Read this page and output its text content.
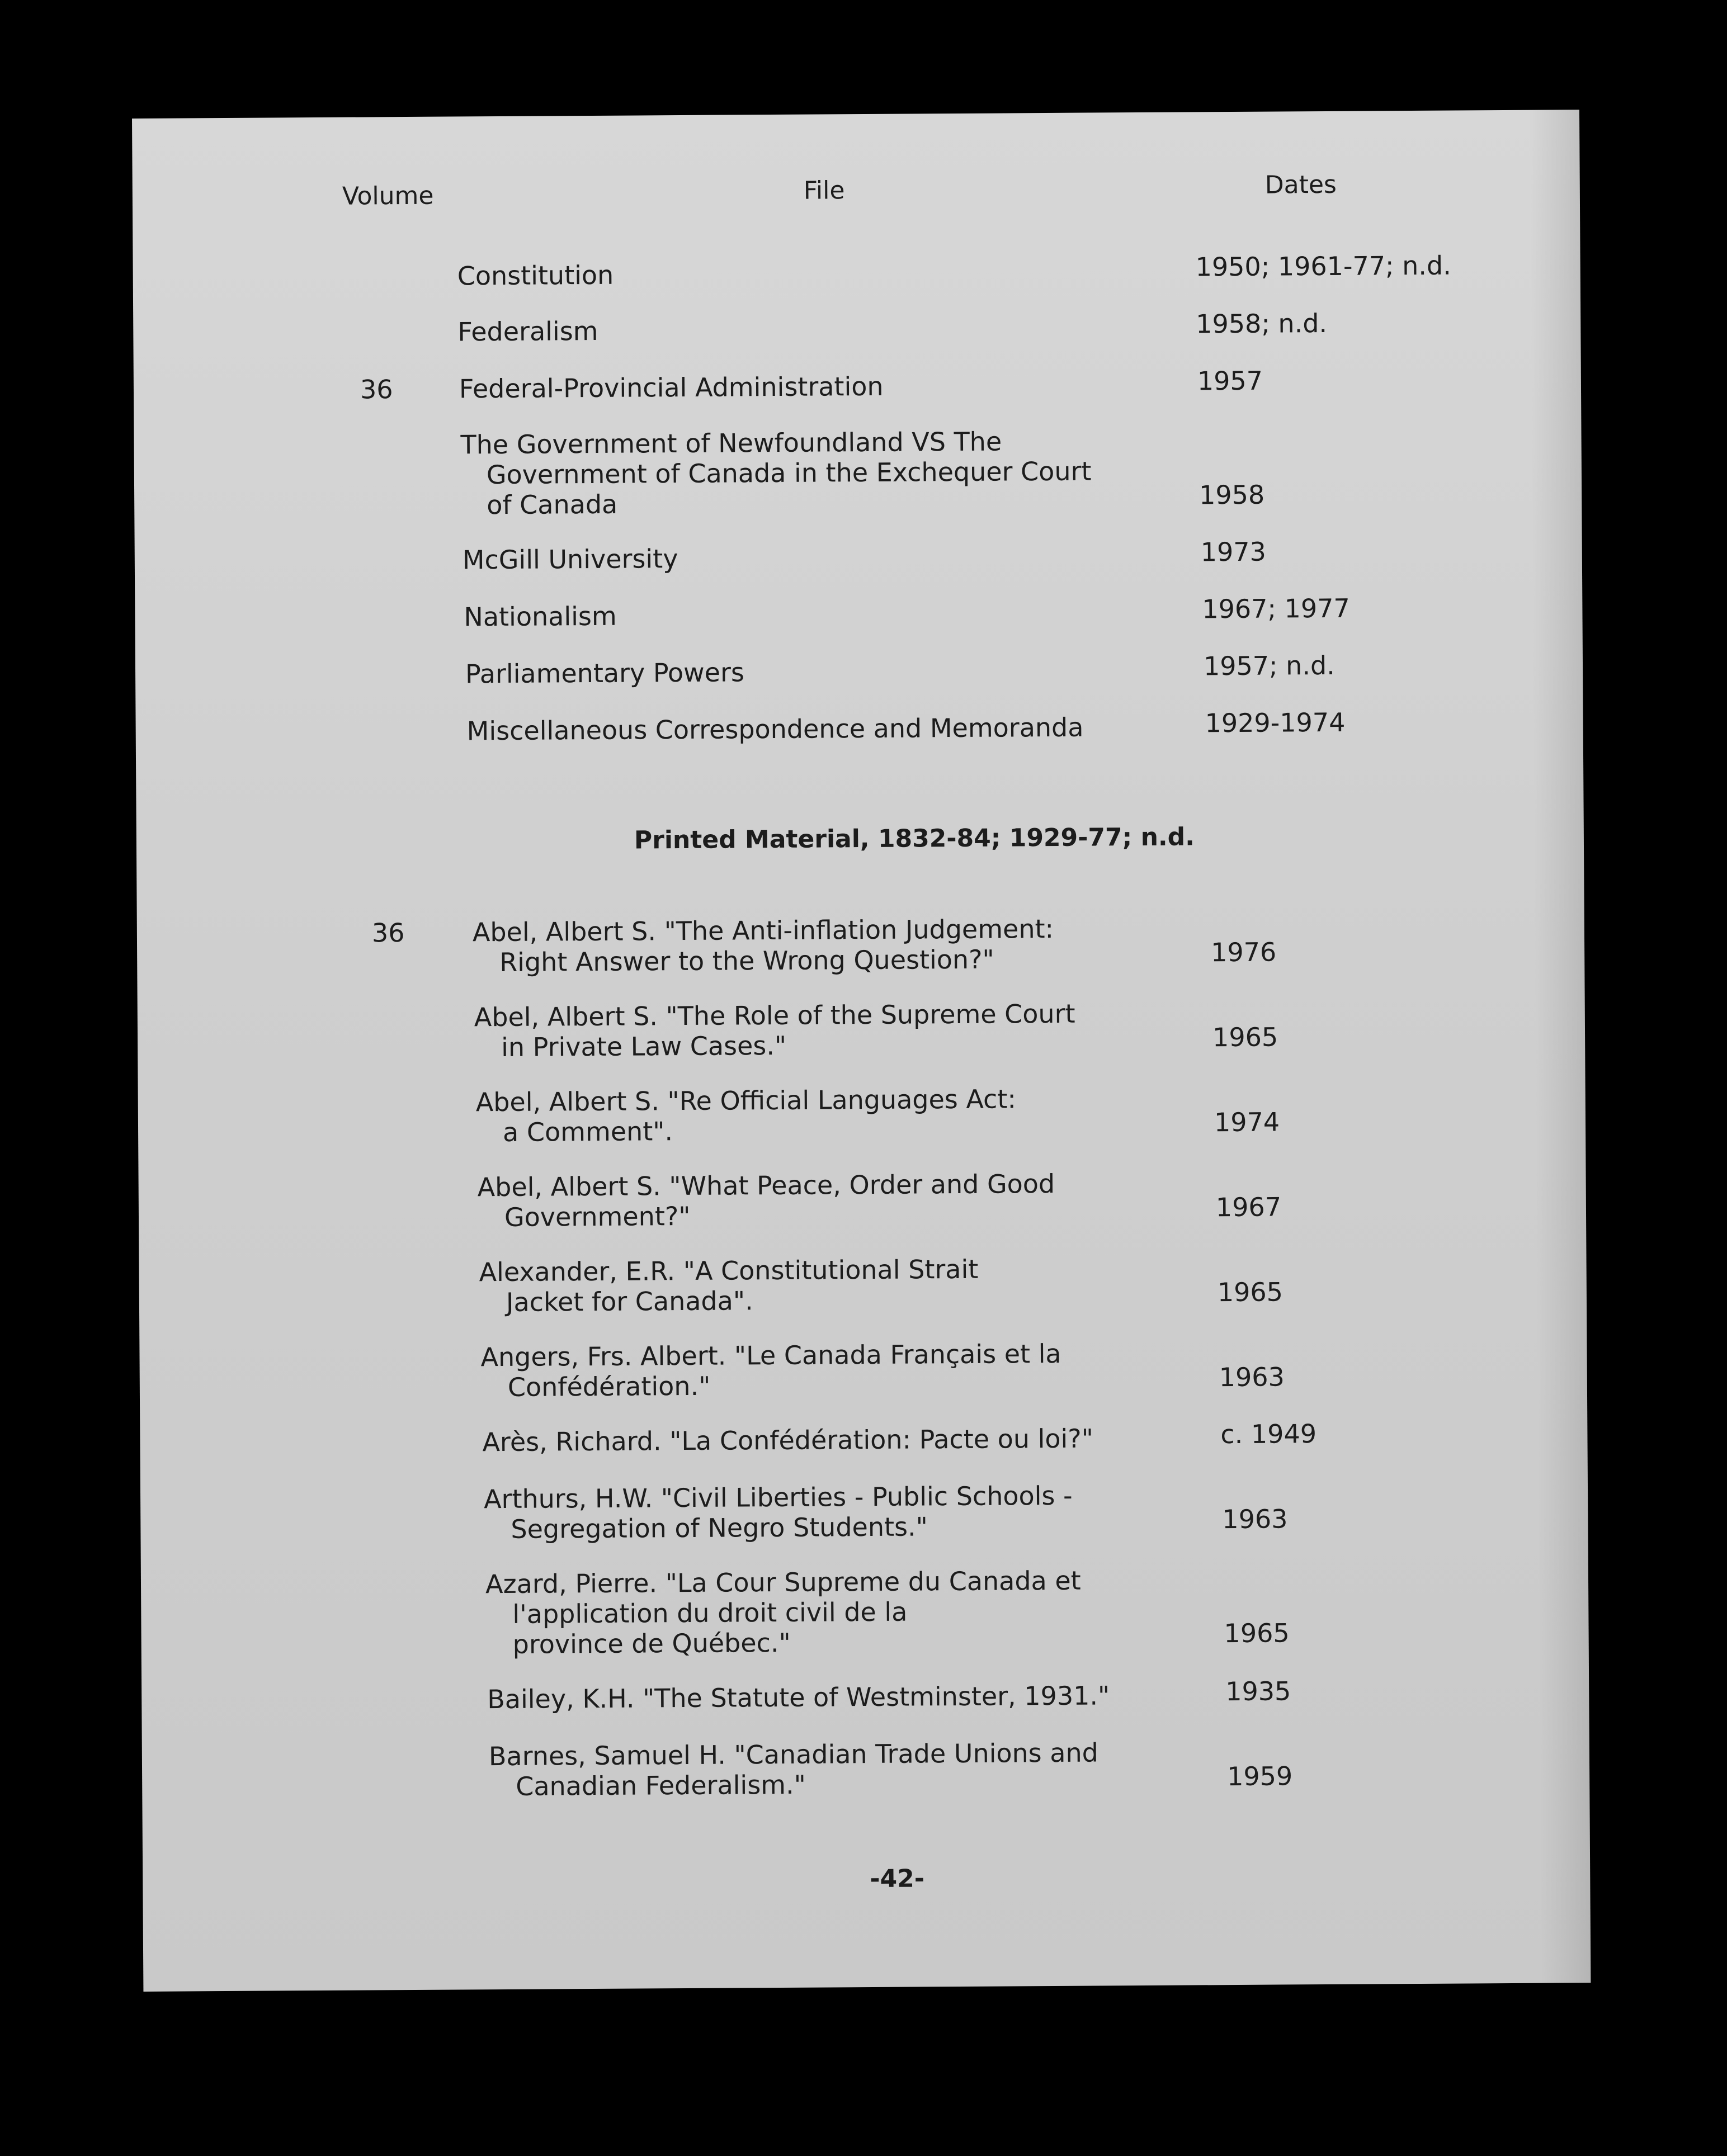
Volume	File	Dates
Constitution	1950; 1961-77; n.d.
Federalism	1958; n.d.
36	Federal-Provincial Administration	1957
The Government of Newfoundland VS The
Government of Canada in the Exchequer Court
of Canada	1958
McGill University	1973
Nationalism	1967; 1977
Parliamentary Powers	1957; n.d.
Miscellaneous Correspondence and Memoranda	1929-1974
Printed Material, 1832-84; 1929-77; n.d.
36	Abel, Albert S. "The Anti-inflation Judgement:
Right Answer to the Wrong Question?"	1976
Abel, Albert S. "The Role of the Supreme Court
in Private Law Cases."	1965
Abel, Albert S. "Re Official Languages Act:
a Comment".	1974
Abel, Albert S. "What Peace, Order and Good
Government?"	1967
Alexander, E.R. "A Constitutional Strait
Jacket for Canada".	1965
Angers, Frs. Albert. "Le Canada Français et la
Confédération."	1963
Arès, Richard. "La Confédération: Pacte ou loi?"	c. 1949
Arthurs, H.W. "Civil Liberties - Public Schools -
Segregation of Negro Students."	1963
Azard, Pierre. "La Cour Supreme du Canada et
l'application du droit civil de la
province de Québec."	1965
Bailey, K.H. "The Statute of Westminster, 1931."	1935
Barnes, Samuel H. "Canadian Trade Unions and
Canadian Federalism."	1959
-42-
